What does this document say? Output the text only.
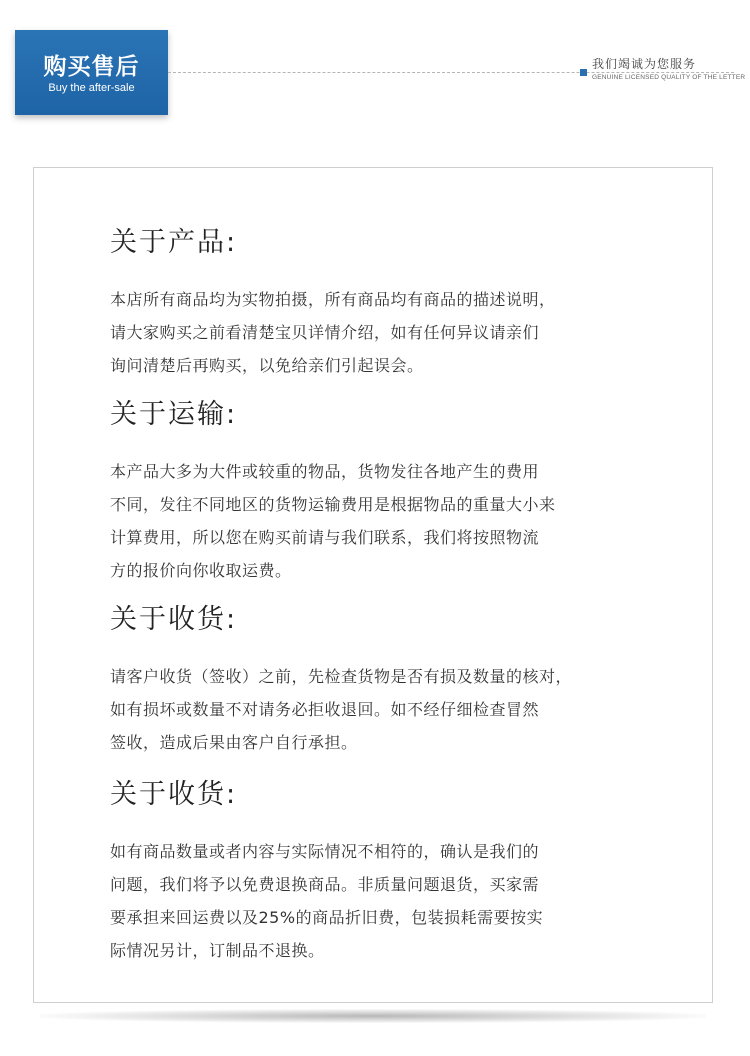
购买售后
Buy the after-sale
我们竭诚为您服务
GENUINE LICENSED QUALITY OF THE LETTER
关于产品:
本店所有商品均为实物拍摄，所有商品均有商品的描述说明，
请大家购买之前看清楚宝贝详情介绍，如有任何异议请亲们
询问清楚后再购买，以免给亲们引起误会。
关于运输:
本产品大多为大件或较重的物品，货物发往各地产生的费用
不同，发往不同地区的货物运输费用是根据物品的重量大小来
计算费用，所以您在购买前请与我们联系，我们将按照物流
方的报价向你收取运费。
关于收货:
请客户收货（签收）之前，先检查货物是否有损及数量的核对，
如有损坏或数量不对请务必拒收退回。如不经仔细检查冒然
签收，造成后果由客户自行承担。
关于收货:
如有商品数量或者内容与实际情况不相符的，确认是我们的
问题，我们将予以免费退换商品。非质量问题退货，买家需
要承担来回运费以及25%的商品折旧费，包装损耗需要按实
际情况另计，订制品不退换。
